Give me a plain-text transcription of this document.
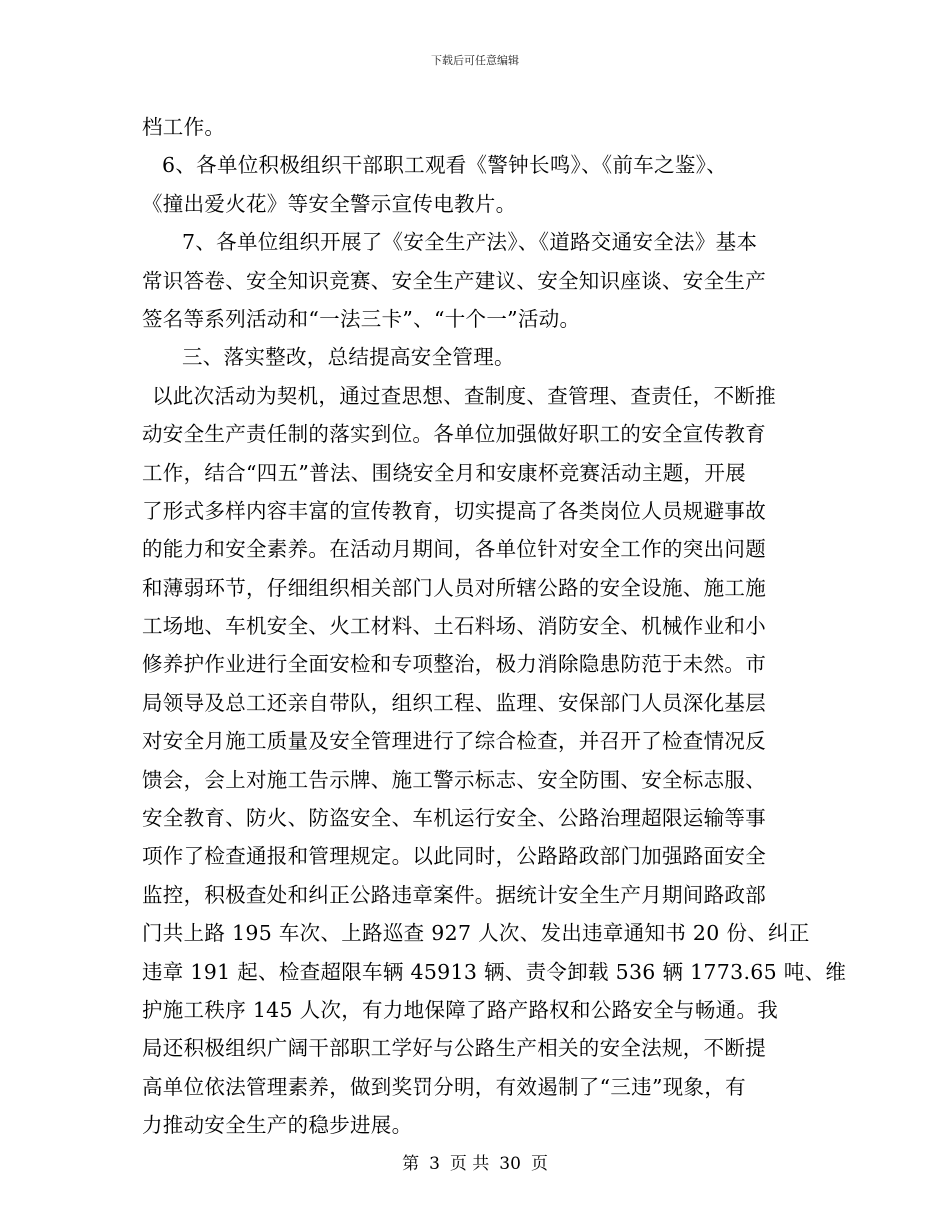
下载后可任意编辑
档工作。
6、各单位积极组织干部职工观看《警钟长鸣》、《前车之鉴》、
《撞出爱火花》等安全警示宣传电教片。
7、各单位组织开展了《安全生产法》、《道路交通安全法》基本
常识答卷、安全知识竞赛、安全生产建议、安全知识座谈、安全生产
签名等系列活动和“一法三卡”、“十个一”活动。
三、落实整改，总结提高安全管理。
以此次活动为契机，通过查思想、查制度、查管理、查责任，不断推
动安全生产责任制的落实到位。各单位加强做好职工的安全宣传教育
工作，结合“四五”普法、围绕安全月和安康杯竞赛活动主题，开展
了形式多样内容丰富的宣传教育，切实提高了各类岗位人员规避事故
的能力和安全素养。在活动月期间，各单位针对安全工作的突出问题
和薄弱环节，仔细组织相关部门人员对所辖公路的安全设施、施工施
工场地、车机安全、火工材料、土石料场、消防安全、机械作业和小
修养护作业进行全面安检和专项整治，极力消除隐患防范于未然。市
局领导及总工还亲自带队，组织工程、监理、安保部门人员深化基层
对安全月施工质量及安全管理进行了综合检查，并召开了检查情况反
馈会，会上对施工告示牌、施工警示标志、安全防围、安全标志服、
安全教育、防火、防盗安全、车机运行安全、公路治理超限运输等事
项作了检查通报和管理规定。以此同时，公路路政部门加强路面安全
监控，积极查处和纠正公路违章案件。据统计安全生产月期间路政部
门共上路 195 车次、上路巡查 927 人次、发出违章通知书 20 份、纠正
违章 191 起、检查超限车辆 45913 辆、责令卸载 536 辆 1773.65 吨、维
护施工秩序 145 人次，有力地保障了路产路权和公路安全与畅通。我
局还积极组织广阔干部职工学好与公路生产相关的安全法规，不断提
高单位依法管理素养，做到奖罚分明，有效遏制了“三违”现象，有
力推动安全生产的稳步进展。
第 3 页 共 30 页
